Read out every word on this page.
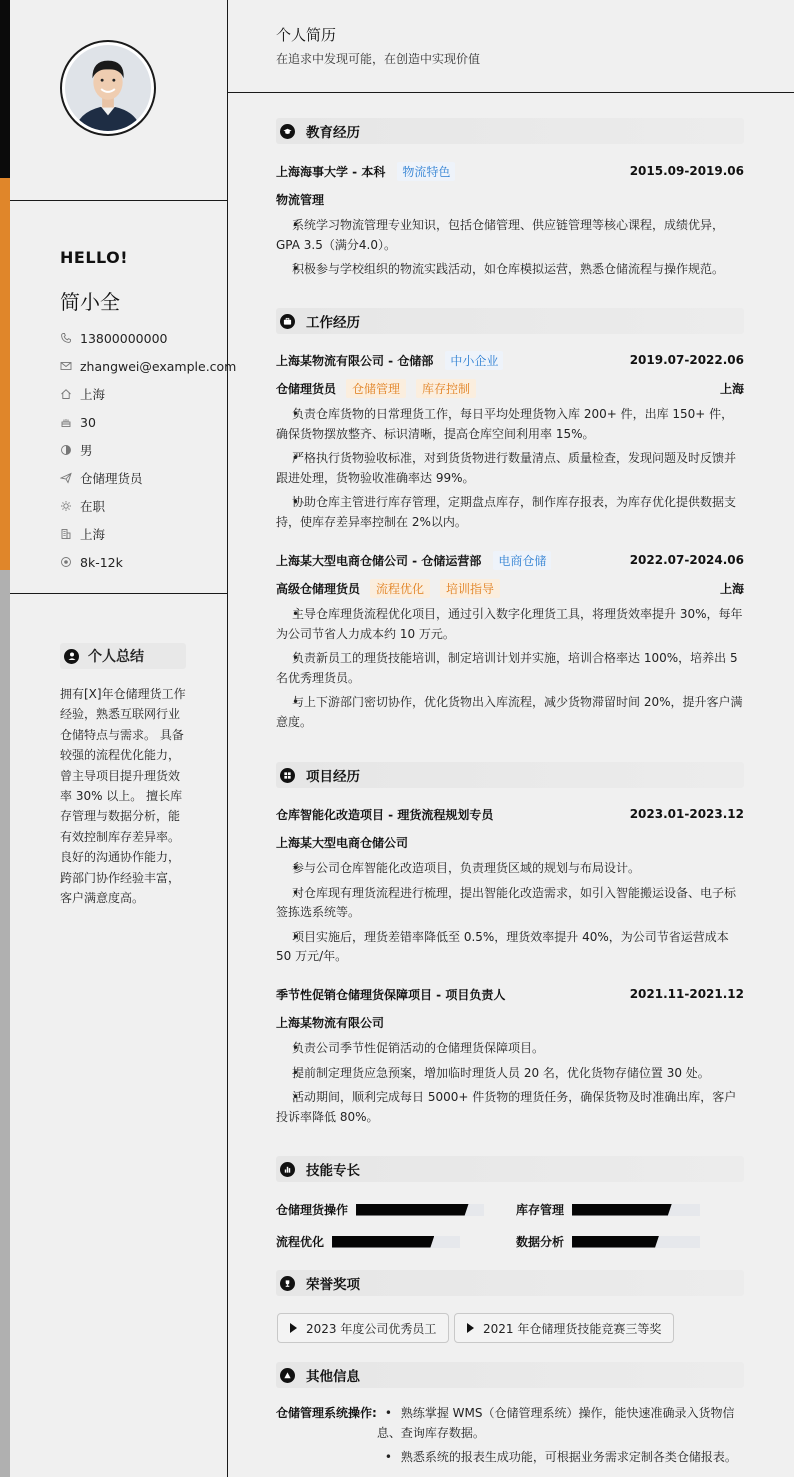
HELLO!
简小全
13800000000
zhangwei@example.com
上海
30
男
仓储理货员
在职
上海
8k-12k
个人总结
拥有[X]年仓储理货工作经验，熟悉互联网行业仓储特点与需求。 具备较强的流程优化能力，曾主导项目提升理货效率 30% 以上。 擅长库存管理与数据分析，能有效控制库存差异率。 良好的沟通协作能力，跨部门协作经验丰富，客户满意度高。
个人简历
在追求中发现可能，在创造中实现价值
教育经历
上海海事大学 - 本科	物流特色	2015.09-2019.06
物流管理
• 系统学习物流管理专业知识，包括仓储管理、供应链管理等核心课程，成绩优异，GPA 3.5（满分4.0）。
• 积极参与学校组织的物流实践活动，如仓库模拟运营，熟悉仓储流程与操作规范。
工作经历
上海某物流有限公司 - 仓储部	中小企业	2019.07-2022.06
仓储理货员	仓储管理	库存控制	上海
• 负责仓库货物的日常理货工作，每日平均处理货物入库 200+ 件，出库 150+ 件，确保货物摆放整齐、标识清晰，提高仓库空间利用率 15%。
• 严格执行货物验收标准，对到货货物进行数量清点、质量检查，发现问题及时反馈并跟进处理，货物验收准确率达 99%。
• 协助仓库主管进行库存管理，定期盘点库存，制作库存报表，为库存优化提供数据支持，使库存差异率控制在 2%以内。
上海某大型电商仓储公司 - 仓储运营部	电商仓储	2022.07-2024.06
高级仓储理货员	流程优化	培训指导	上海
• 主导仓库理货流程优化项目，通过引入数字化理货工具，将理货效率提升 30%，每年为公司节省人力成本约 10 万元。
• 负责新员工的理货技能培训，制定培训计划并实施，培训合格率达 100%，培养出 5 名优秀理货员。
• 与上下游部门密切协作，优化货物出入库流程，减少货物滞留时间 20%，提升客户满意度。
项目经历
仓库智能化改造项目 - 理货流程规划专员	2023.01-2023.12
上海某大型电商仓储公司
• 参与公司仓库智能化改造项目，负责理货区域的规划与布局设计。
• 对仓库现有理货流程进行梳理，提出智能化改造需求，如引入智能搬运设备、电子标签拣选系统等。
• 项目实施后，理货差错率降低至 0.5%，理货效率提升 40%，为公司节省运营成本 50 万元/年。
季节性促销仓储理货保障项目 - 项目负责人	2021.11-2021.12
上海某物流有限公司
• 负责公司季节性促销活动的仓储理货保障项目。
• 提前制定理货应急预案，增加临时理货人员 20 名，优化货物存储位置 30 处。
• 活动期间，顺利完成每日 5000+ 件货物的理货任务，确保货物及时准确出库，客户投诉率降低 80%。
技能专长
仓储理货操作	库存管理
流程优化	数据分析
荣誉奖项
2023 年度公司优秀员工	2021 年仓储理货技能竞赛三等奖
其他信息
仓储管理系统操作:
•	熟练掌握 WMS（仓储管理系统）操作，能快速准确录入货物信息、查询库存数据。
• 熟悉系统的报表生成功能，可根据业务需求定制各类仓储报表。
